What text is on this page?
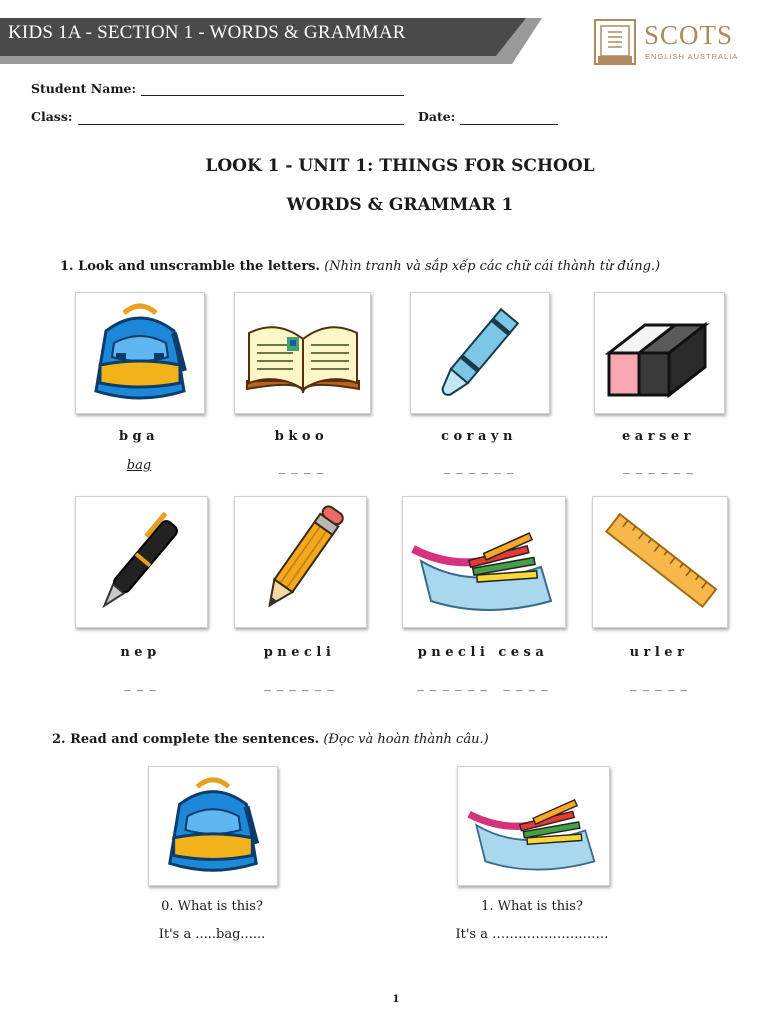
KIDS 1A - SECTION 1 - WORDS & GRAMMAR	SCOTS
ENGLISH AUSTRALIA
Student Name:
Class:	Date:
LOOK 1 - UNIT 1: THINGS FOR SCHOOL
WORDS & GRAMMAR 1
1. Look and unscramble the letters. (Nhìn tranh và sắp xếp các chữ cái thành từ đúng.)
bga	bkoo	corayn	earser
bag	_ _ _ _	_ _ _ _ _ _	_ _ _ _ _ _
nep	pnecli	pnecli cesa	urler
_ _ _	_ _ _ _ _ _	_ _ _ _ _ _   _ _ _ _	_ _ _ _ _
2. Read and complete the sentences. (Đọc và hoàn thành câu.)
0. What is this?
It's a .....bag......
1. What is this?
It's a ………….……..……
1
